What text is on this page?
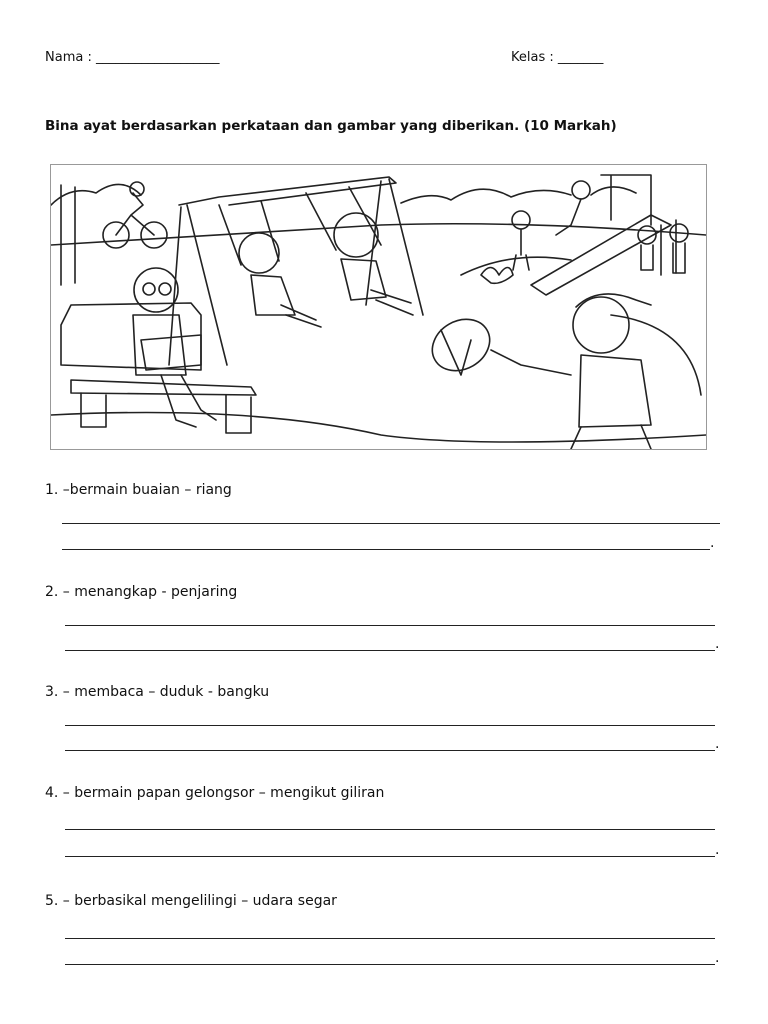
Nama : ___________________	Kelas : _______
Bina ayat berdasarkan perkataan dan gambar yang diberikan. (10 Markah)
1. –bermain buaian – riang
.
2. – menangkap - penjaring
.
3. – membaca – duduk - bangku
.
4. – bermain papan gelongsor – mengikut giliran
.
5. – berbasikal mengelilingi – udara segar
.
